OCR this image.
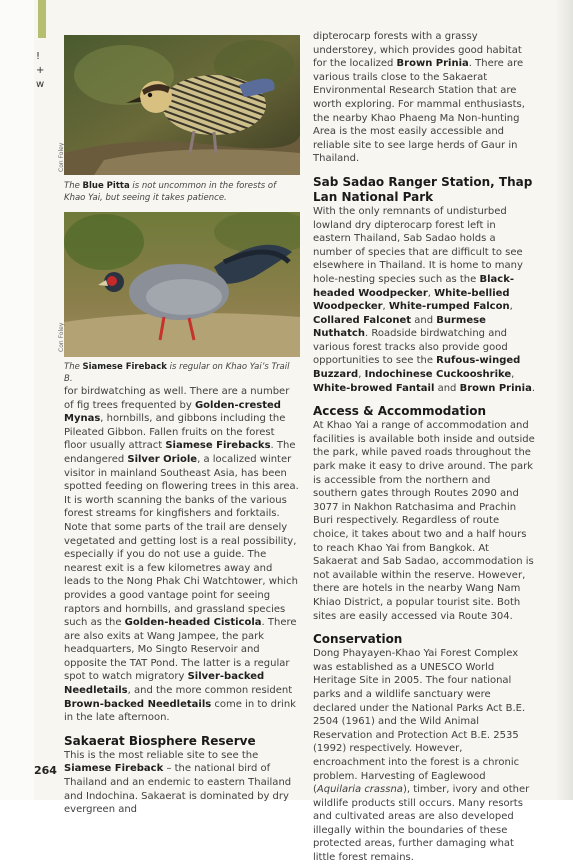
!
+
w
Con Foley
The Blue Pitta is not uncommon in the forests of Khao Yai, but seeing it takes patience.
Con Foley
The Siamese Fireback is regular on Khao Yai’s Trail B.

for birdwatching as well. There are a number of fig trees frequented by Golden-crested Mynas, hornbills, and gibbons including the Pileated Gibbon. Fallen fruits on the forest floor usually attract Siamese Firebacks. The endangered Silver Oriole, a localized winter visitor in mainland Southeast Asia, has been spotted feeding on flowering trees in this area. It is worth scanning the banks of the various forest streams for kingfishers and forktails. Note that some parts of the trail are densely vegetated and getting lost is a real possibility, especially if you do not use a guide. The nearest exit is a few kilometres away and leads to the Nong Phak Chi Watchtower, which provides a good vantage point for seeing raptors and hornbills, and grassland species such as the Golden-headed Cisticola. There are also exits at Wang Jampee, the park headquarters, Mo Singto Reservoir and opposite the TAT Pond. The latter is a regular spot to watch migratory Silver-backed Needletails, and the more common resident Brown-backed Needletails come in to drink in the late afternoon.

Sakaerat Biosphere Reserve

This is the most reliable site to see the Siamese Fireback – the national bird of Thailand and an endemic to eastern Thailand and Indochina. Sakaerat is dominated by dry evergreen and

dipterocarp forests with a grassy understorey, which provides good habitat for the localized Brown Prinia. There are various trails close to the Sakaerat Environmental Research Station that are worth exploring. For mammal enthusiasts, the nearby Khao Phaeng Ma Non-hunting Area is the most easily accessible and reliable site to see large herds of Gaur in Thailand.

Sab Sadao Ranger Station, Thap Lan National Park

With the only remnants of undisturbed lowland dry dipterocarp forest left in eastern Thailand, Sab Sadao holds a number of species that are difficult to see elsewhere in Thailand. It is home to many hole-nesting species such as the Black-headed Woodpecker, White-bellied Woodpecker, White-rumped Falcon, Collared Falconet and Burmese Nuthatch. Roadside birdwatching and various forest tracks also provide good opportunities to see the Rufous-winged Buzzard, Indochinese Cuckooshrike, White-browed Fantail and Brown Prinia.

Access & Accommodation

At Khao Yai a range of accommodation and facilities is available both inside and outside the park, while paved roads throughout the park make it easy to drive around. The park is accessible from the northern and southern gates through Routes 2090 and 3077 in Nakhon Ratchasima and Prachin Buri respectively. Regardless of route choice, it takes about two and a half hours to reach Khao Yai from Bangkok. At Sakaerat and Sab Sadao, accommodation is not available within the reserve. However, there are hotels in the nearby Wang Nam Khiao District, a popular tourist site. Both sites are easily accessed via Route 304.

Conservation

Dong Phayayen-Khao Yai Forest Complex was established as a UNESCO World Heritage Site in 2005. The four national parks and a wildlife sanctuary were declared under the National Parks Act B.E. 2504 (1961) and the Wild Animal Reservation and Protection Act B.E. 2535 (1992) respectively. However, encroachment into the forest is a chronic problem. Harvesting of Eaglewood (Aquilaria crassna), timber, ivory and other wildlife products still occurs. Many resorts and cultivated areas are also developed illegally within the boundaries of these protected areas, further damaging what little forest remains.

264
